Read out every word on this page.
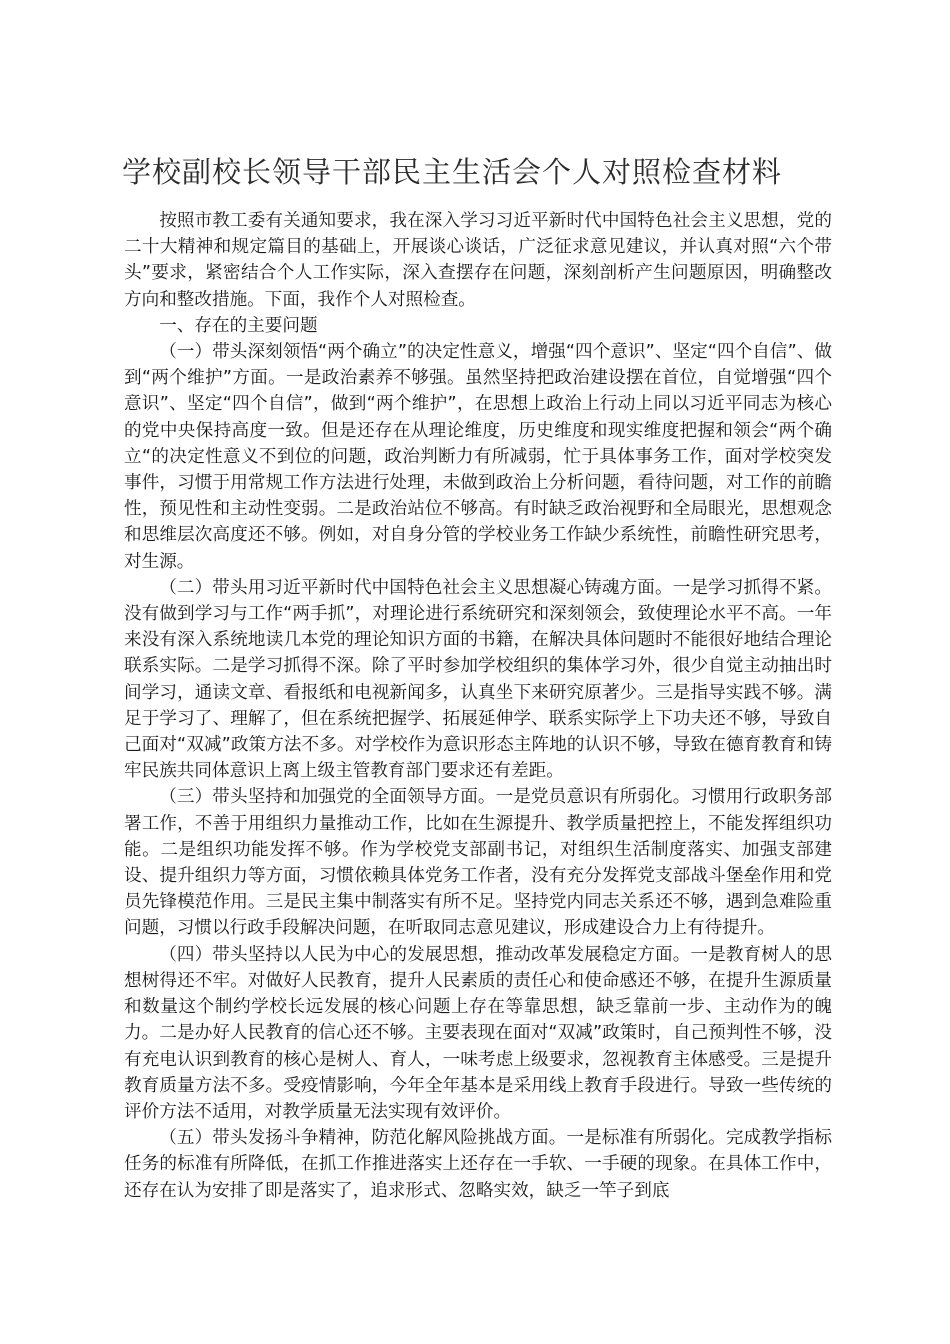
学校副校长领导干部民主生活会个人对照检查材料

按照市教工委有关通知要求，我在深入学习习近平新时代中国特色社会主义思想，党的二十大精神和规定篇目的基础上，开展谈心谈话，广泛征求意见建议，并认真对照“六个带头”要求，紧密结合个人工作实际，深入查摆存在问题，深刻剖析产生问题原因，明确整改方向和整改措施。下面，我作个人对照检查。

一、存在的主要问题

（一）带头深刻领悟“两个确立”的决定性意义，增强“四个意识”、坚定“四个自信”、做到“两个维护”方面。一是政治素养不够强。虽然坚持把政治建设摆在首位，自觉增强“四个意识”、坚定“四个自信”，做到“两个维护”，在思想上政治上行动上同以习近平同志为核心的党中央保持高度一致。但是还存在从理论维度，历史维度和现实维度把握和领会“两个确立“的决定性意义不到位的问题，政治判断力有所减弱，忙于具体事务工作，面对学校突发事件，习惯于用常规工作方法进行处理，未做到政治上分析问题，看待问题，对工作的前瞻性，预见性和主动性变弱。二是政治站位不够高。有时缺乏政治视野和全局眼光，思想观念和思维层次高度还不够。例如，对自身分管的学校业务工作缺少系统性，前瞻性研究思考，对生源。

（二）带头用习近平新时代中国特色社会主义思想凝心铸魂方面。一是学习抓得不紧。没有做到学习与工作“两手抓”，对理论进行系统研究和深刻领会，致使理论水平不高。一年来没有深入系统地读几本党的理论知识方面的书籍，在解决具体问题时不能很好地结合理论联系实际。二是学习抓得不深。除了平时参加学校组织的集体学习外，很少自觉主动抽出时间学习，通读文章、看报纸和电视新闻多，认真坐下来研究原著少。三是指导实践不够。满足于学习了、理解了，但在系统把握学、拓展延伸学、联系实际学上下功夫还不够，导致自己面对“双减”政策方法不多。对学校作为意识形态主阵地的认识不够，导致在德育教育和铸牢民族共同体意识上离上级主管教育部门要求还有差距。

（三）带头坚持和加强党的全面领导方面。一是党员意识有所弱化。习惯用行政职务部署工作，不善于用组织力量推动工作，比如在生源提升、教学质量把控上，不能发挥组织功能。二是组织功能发挥不够。作为学校党支部副书记，对组织生活制度落实、加强支部建设、提升组织力等方面，习惯依赖具体党务工作者，没有充分发挥党支部战斗堡垒作用和党员先锋模范作用。三是民主集中制落实有所不足。坚持党内同志关系还不够，遇到急难险重问题，习惯以行政手段解决问题，在听取同志意见建议，形成建设合力上有待提升。

（四）带头坚持以人民为中心的发展思想，推动改革发展稳定方面。一是教育树人的思想树得还不牢。对做好人民教育，提升人民素质的责任心和使命感还不够，在提升生源质量和数量这个制约学校长远发展的核心问题上存在等靠思想，缺乏靠前一步、主动作为的魄力。二是办好人民教育的信心还不够。主要表现在面对“双减”政策时，自己预判性不够，没有充电认识到教育的核心是树人、育人，一味考虑上级要求，忽视教育主体感受。三是提升教育质量方法不多。受疫情影响，今年全年基本是采用线上教育手段进行。导致一些传统的评价方法不适用，对教学质量无法实现有效评价。

（五）带头发扬斗争精神，防范化解风险挑战方面。一是标准有所弱化。完成教学指标任务的标准有所降低，在抓工作推进落实上还存在一手软、一手硬的现象。在具体工作中，还存在认为安排了即是落实了，追求形式、忽略实效，缺乏一竿子到底
